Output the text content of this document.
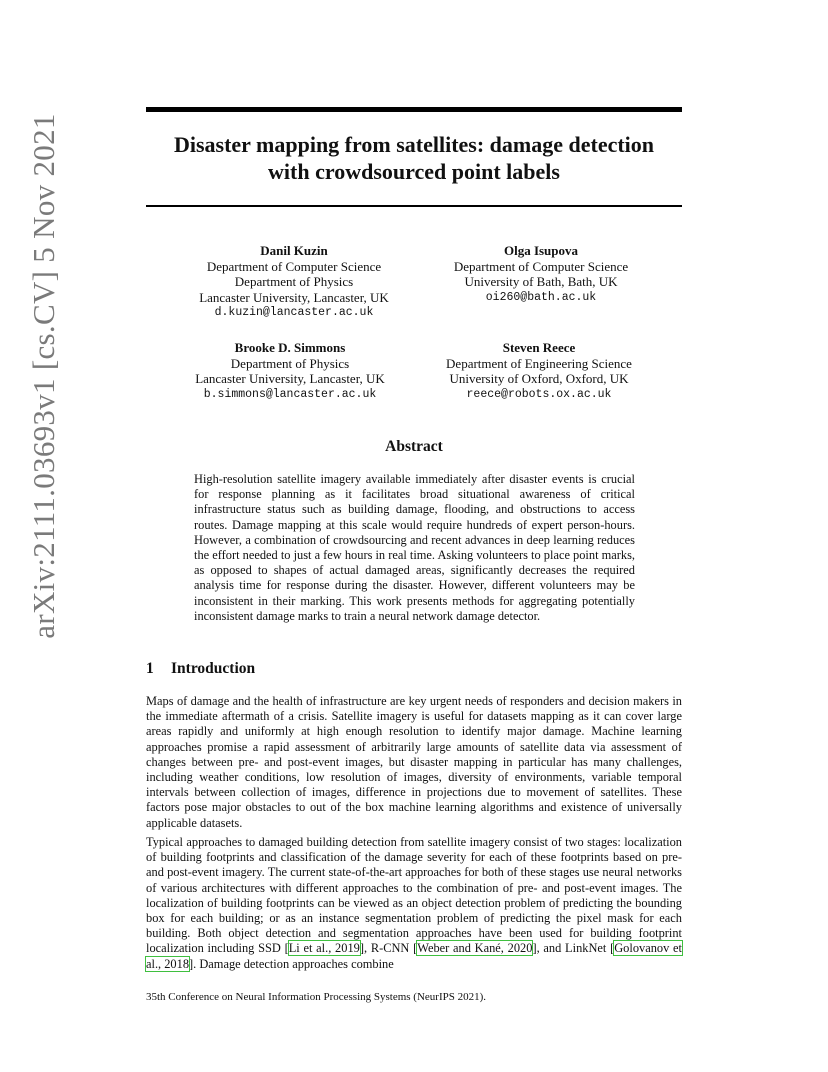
arXiv:2111.03693v1 [cs.CV] 5 Nov 2021	Disaster mapping from satellites: damage detection
with crowdsourced point labels
Danil Kuzin
Department of Computer Science
Department of Physics
Lancaster University, Lancaster, UK
d.kuzin@lancaster.ac.uk
Olga Isupova
Department of Computer Science
University of Bath, Bath, UK
oi260@bath.ac.uk
Brooke D. Simmons
Department of Physics
Lancaster University, Lancaster, UK
b.simmons@lancaster.ac.uk
Steven Reece
Department of Engineering Science
University of Oxford, Oxford, UK
reece@robots.ox.ac.uk
Abstract
High-resolution satellite imagery available immediately after disaster events is crucial for response planning as it facilitates broad situational awareness of critical infrastructure status such as building damage, flooding, and obstructions to access routes. Damage mapping at this scale would require hundreds of expert person-hours. However, a combination of crowdsourcing and recent advances in deep learning reduces the effort needed to just a few hours in real time. Asking volunteers to place point marks, as opposed to shapes of actual damaged areas, significantly decreases the required analysis time for response during the disaster. However, different volunteers may be inconsistent in their marking. This work presents methods for aggregating potentially inconsistent damage marks to train a neural network damage detector.
1 Introduction
Maps of damage and the health of infrastructure are key urgent needs of responders and decision makers in the immediate aftermath of a crisis. Satellite imagery is useful for datasets mapping as it can cover large areas rapidly and uniformly at high enough resolution to identify major damage. Machine learning approaches promise a rapid assessment of arbitrarily large amounts of satellite data via assessment of changes between pre- and post-event images, but disaster mapping in particular has many challenges, including weather conditions, low resolution of images, diversity of environments, variable temporal intervals between collection of images, difference in projections due to movement of satellites. These factors pose major obstacles to out of the box machine learning algorithms and existence of universally applicable datasets.
Typical approaches to damaged building detection from satellite imagery consist of two stages: localization of building footprints and classification of the damage severity for each of these footprints based on pre- and post-event imagery. The current state-of-the-art approaches for both of these stages use neural networks of various architectures with different approaches to the combination of pre- and post-event images. The localization of building footprints can be viewed as an object detection problem of predicting the bounding box for each building; or as an instance segmentation problem of predicting the pixel mask for each building. Both object detection and segmentation approaches have been used for building footprint localization including SSD [Li et al., 2019], R-CNN [Weber and Kané, 2020], and LinkNet [Golovanov et al., 2018]. Damage detection approaches combine
35th Conference on Neural Information Processing Systems (NeurIPS 2021).
